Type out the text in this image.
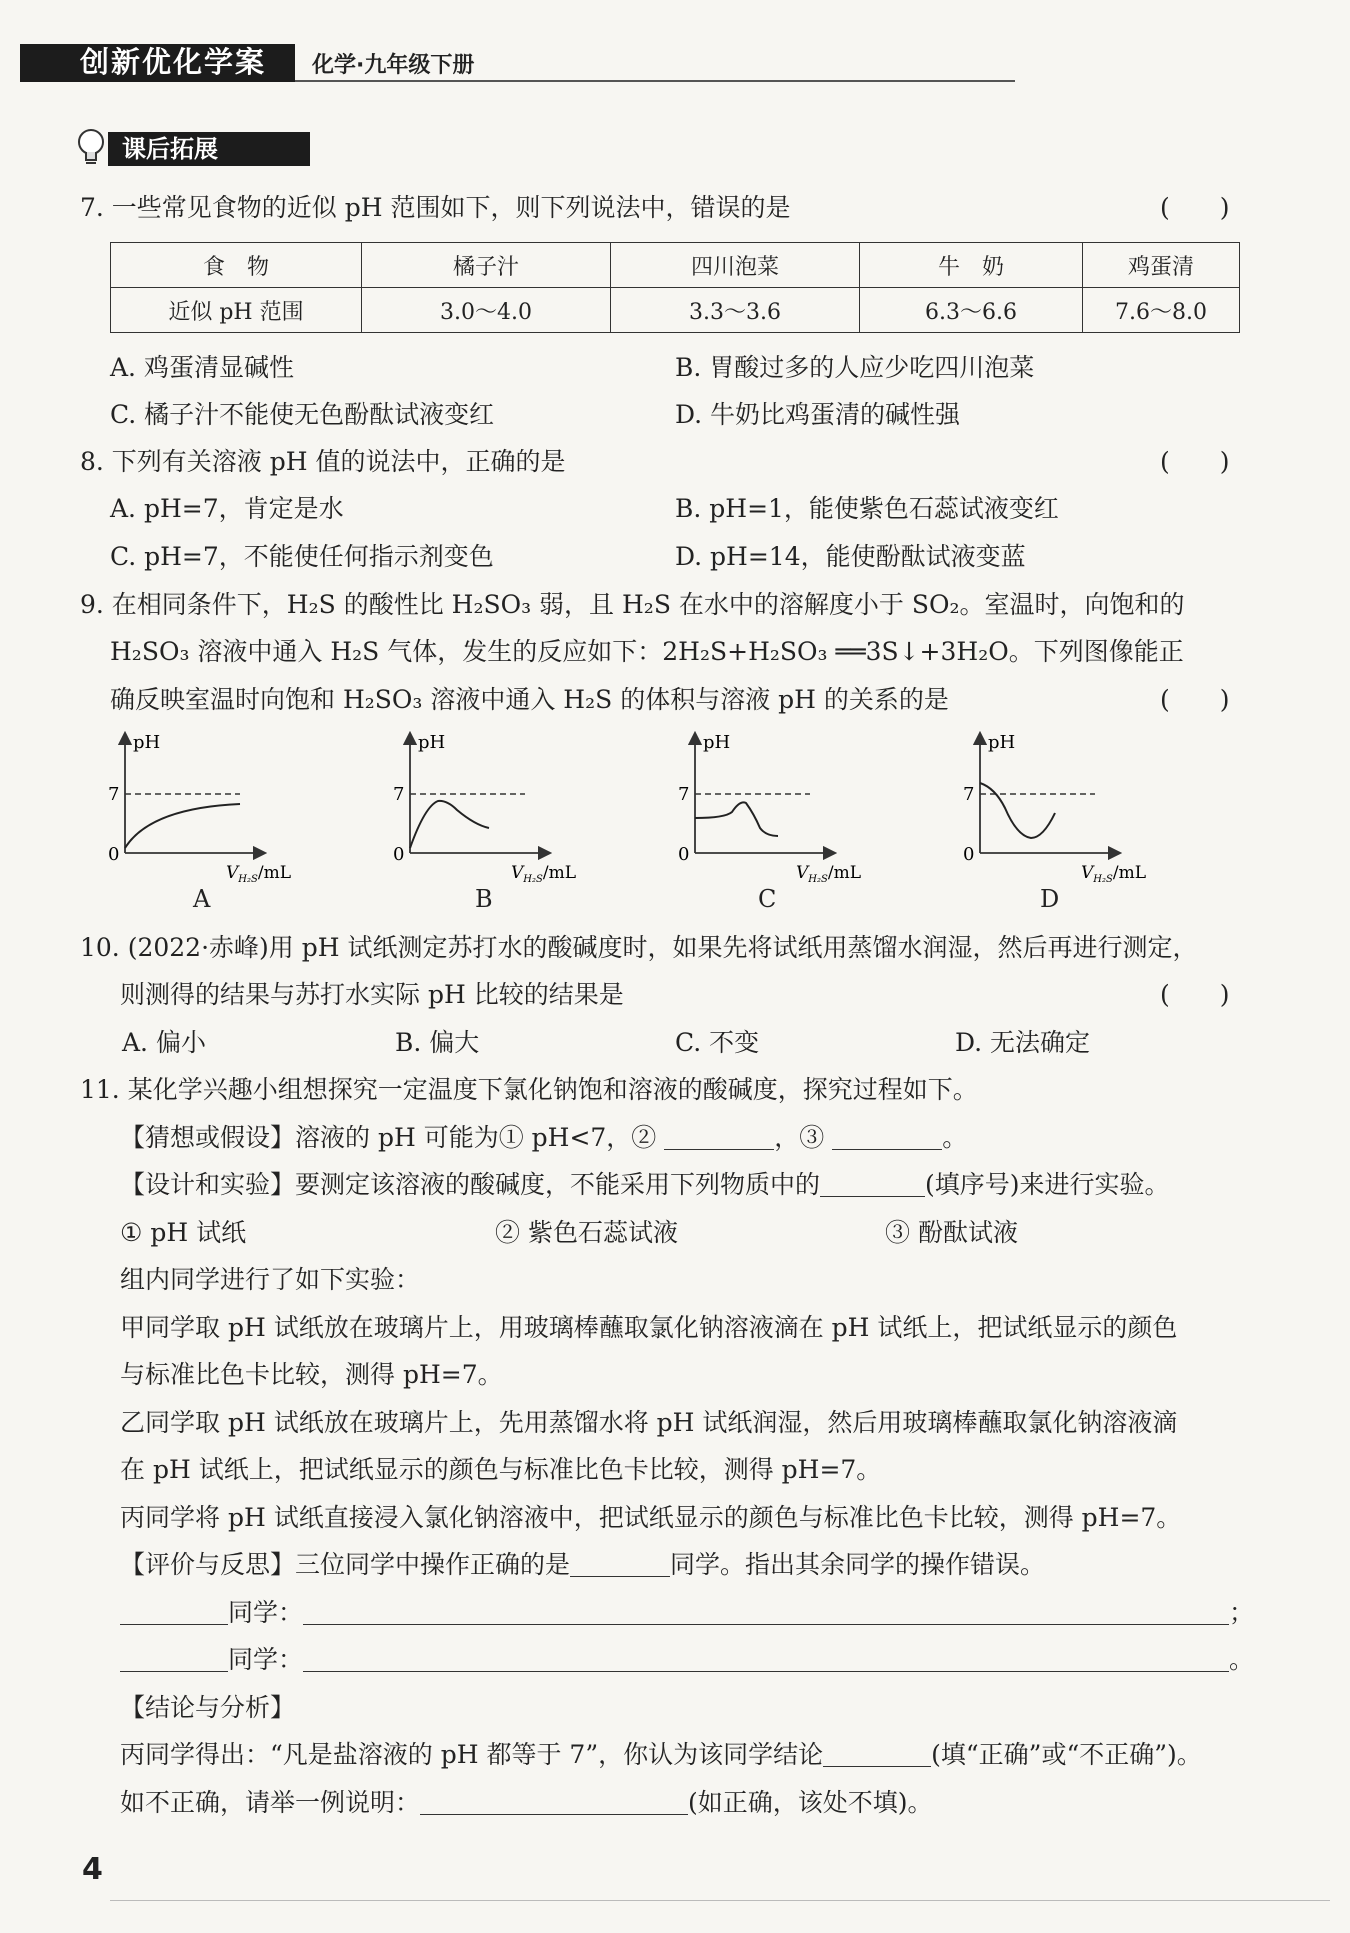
创新优化学案 化学·九年级下册
课后拓展
7. 一些常见食物的近似 pH 范围如下，则下列说法中，错误的是	(　　)
食　物	橘子汁	四川泡菜	牛　奶	鸡蛋清
近似 pH 范围	3.0～4.0	3.3～3.6	6.3～6.6	7.6～8.0
A. 鸡蛋清显碱性	B. 胃酸过多的人应少吃四川泡菜
C. 橘子汁不能使无色酚酞试液变红	D. 牛奶比鸡蛋清的碱性强
8. 下列有关溶液 pH 值的说法中，正确的是	(　　)
A. pH=7，肯定是水	B. pH=1，能使紫色石蕊试液变红
C. pH=7，不能使任何指示剂变色	D. pH=14，能使酚酞试液变蓝
9. 在相同条件下，H₂S 的酸性比 H₂SO₃ 弱，且 H₂S 在水中的溶解度小于 SO₂。室温时，向饱和的
H₂SO₃ 溶液中通入 H₂S 气体，发生的反应如下：2H₂S+H₂SO₃ ══3S↓+3H₂O。下列图像能正
确反映室温时向饱和 H₂SO₃ 溶液中通入 H₂S 的体积与溶液 pH 的关系的是	(　　)
pH
7
0
$V_{H_2S}/mL$
A
pH
7
0
$V_{H_2S}/mL$
B
pH
7
0
$V_{H_2S}/mL$
C
pH
7
0
$V_{H_2S}/mL$
D
10. (2022·赤峰)用 pH 试纸测定苏打水的酸碱度时，如果先将试纸用蒸馏水润湿，然后再进行测定，
则测得的结果与苏打水实际 pH 比较的结果是	(　　)
A. 偏小	B. 偏大	C. 不变	D. 无法确定
11. 某化学兴趣小组想探究一定温度下氯化钠饱和溶液的酸碱度，探究过程如下。
【猜想或假设】溶液的 pH 可能为① pH<7，②	，③	。
【设计和实验】要测定该溶液的酸碱度，不能采用下列物质中的	(填序号)来进行实验。
① pH 试纸	② 紫色石蕊试液	③ 酚酞试液
组内同学进行了如下实验：
甲同学取 pH 试纸放在玻璃片上，用玻璃棒蘸取氯化钠溶液滴在 pH 试纸上，把试纸显示的颜色
与标准比色卡比较，测得 pH=7。
乙同学取 pH 试纸放在玻璃片上，先用蒸馏水将 pH 试纸润湿，然后用玻璃棒蘸取氯化钠溶液滴
在 pH 试纸上，把试纸显示的颜色与标准比色卡比较，测得 pH=7。
丙同学将 pH 试纸直接浸入氯化钠溶液中，把试纸显示的颜色与标准比色卡比较，测得 pH=7。
【评价与反思】三位同学中操作正确的是	同学。指出其余同学的操作错误。
同学：	；
同学：	。
【结论与分析】
丙同学得出：“凡是盐溶液的 pH 都等于 7”，你认为该同学结论	(填“正确”或“不正确”)。
如不正确，请举一例说明：	(如正确，该处不填)。
4
